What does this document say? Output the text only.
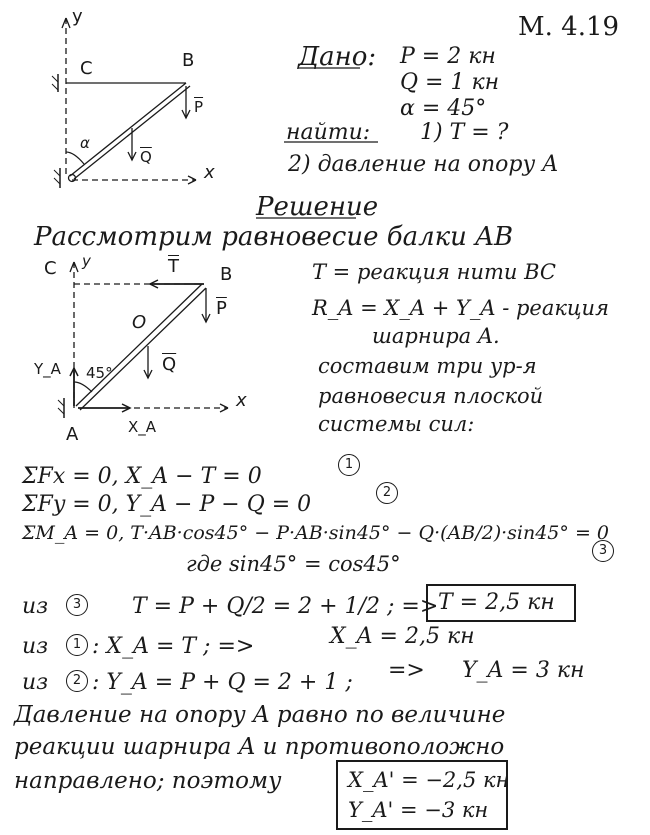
y
C	B
$\overline{P}$
$\overline{Q}$
α
x
M. 4.19
Дано: P = 2 кн
Q = 1 кн
α = 45°
найти: 1) T = ?
2) давление на опору A
Решение
Рассмотрим равновесие балки AB
C y	$\overline{T}$ B
$\overline{P}$
O
$\overline{Q}$
Y_A 45°
x
A	X_A
T = реакция нити BC
R_A = X_A + Y_A - реакция
шарнира A.
составим три ур-я
равновесия плоской
системы сил:
ΣFx = 0, X_A − T = 0	1
ΣFy = 0, Y_A − P − Q = 0	2
ΣM_A = 0, T·AB·cos45° − P·AB·sin45° − Q·(AB/2)·sin45° = 0
3
где sin45° = cos45°
из	3	T = P + Q/2 = 2 + 1/2 ; => T = 2,5 кн
из	1 : X_A = T ; =>	X_A = 2,5 кн
из	2 : Y_A = P + Q = 2 + 1 ; => Y_A = 3 кн
Давление на опору A равно по величине
реакции шарнира A и противоположно
направлено; поэтому	X_A' = −2,5 кн
Y_A' = −3 кн
